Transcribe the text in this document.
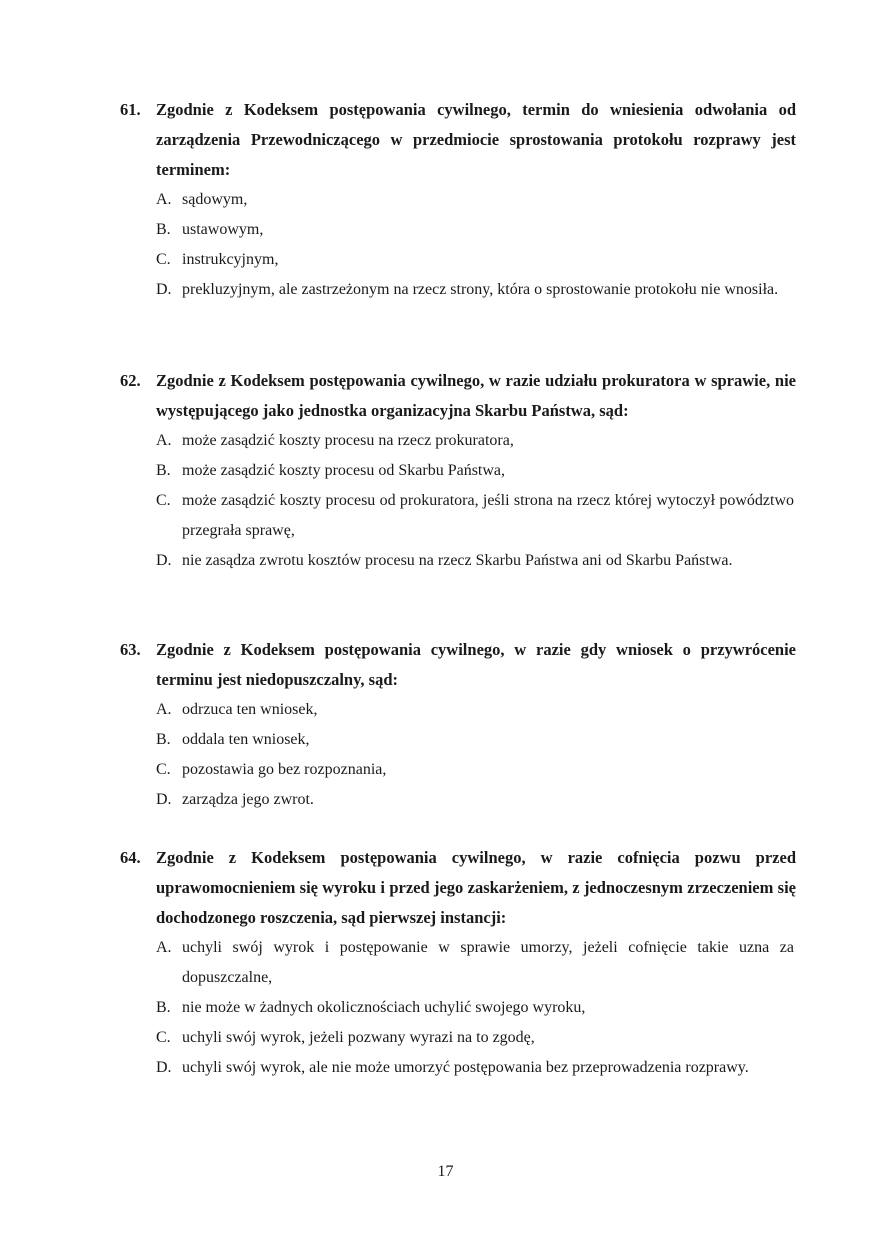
61. Zgodnie z Kodeksem postępowania cywilnego, termin do wniesienia odwołania od zarządzenia Przewodniczącego w przedmiocie sprostowania protokołu rozprawy jest terminem:
A. sądowym,
B. ustawowym,
C. instrukcyjnym,
D. prekluzyjnym, ale zastrzeżonym na rzecz strony, która o sprostowanie protokołu nie wnosiła.
62. Zgodnie z Kodeksem postępowania cywilnego, w razie udziału prokuratora w sprawie, nie występującego jako jednostka organizacyjna Skarbu Państwa, sąd:
A. może zasądzić koszty procesu na rzecz prokuratora,
B. może zasądzić koszty procesu od Skarbu Państwa,
C. może zasądzić koszty procesu od prokuratora, jeśli strona na rzecz której wytoczył powództwo przegrała sprawę,
D. nie zasądza zwrotu kosztów procesu na rzecz Skarbu Państwa ani od Skarbu Państwa.
63. Zgodnie z Kodeksem postępowania cywilnego, w razie gdy wniosek o przywrócenie terminu jest niedopuszczalny, sąd:
A. odrzuca ten wniosek,
B. oddala ten wniosek,
C. pozostawia go bez rozpoznania,
D. zarządza jego zwrot.
64. Zgodnie z Kodeksem postępowania cywilnego, w razie cofnięcia pozwu przed uprawomocnieniem się wyroku i przed jego zaskarżeniem, z jednoczesnym zrzeczeniem się dochodzonego roszczenia, sąd pierwszej instancji:
A. uchyli swój wyrok i postępowanie w sprawie umorzy, jeżeli cofnięcie takie uzna za dopuszczalne,
B. nie może w żadnych okolicznościach uchylić swojego wyroku,
C. uchyli swój wyrok, jeżeli pozwany wyrazi na to zgodę,
D. uchyli swój wyrok, ale nie może umorzyć postępowania bez przeprowadzenia rozprawy.
17
